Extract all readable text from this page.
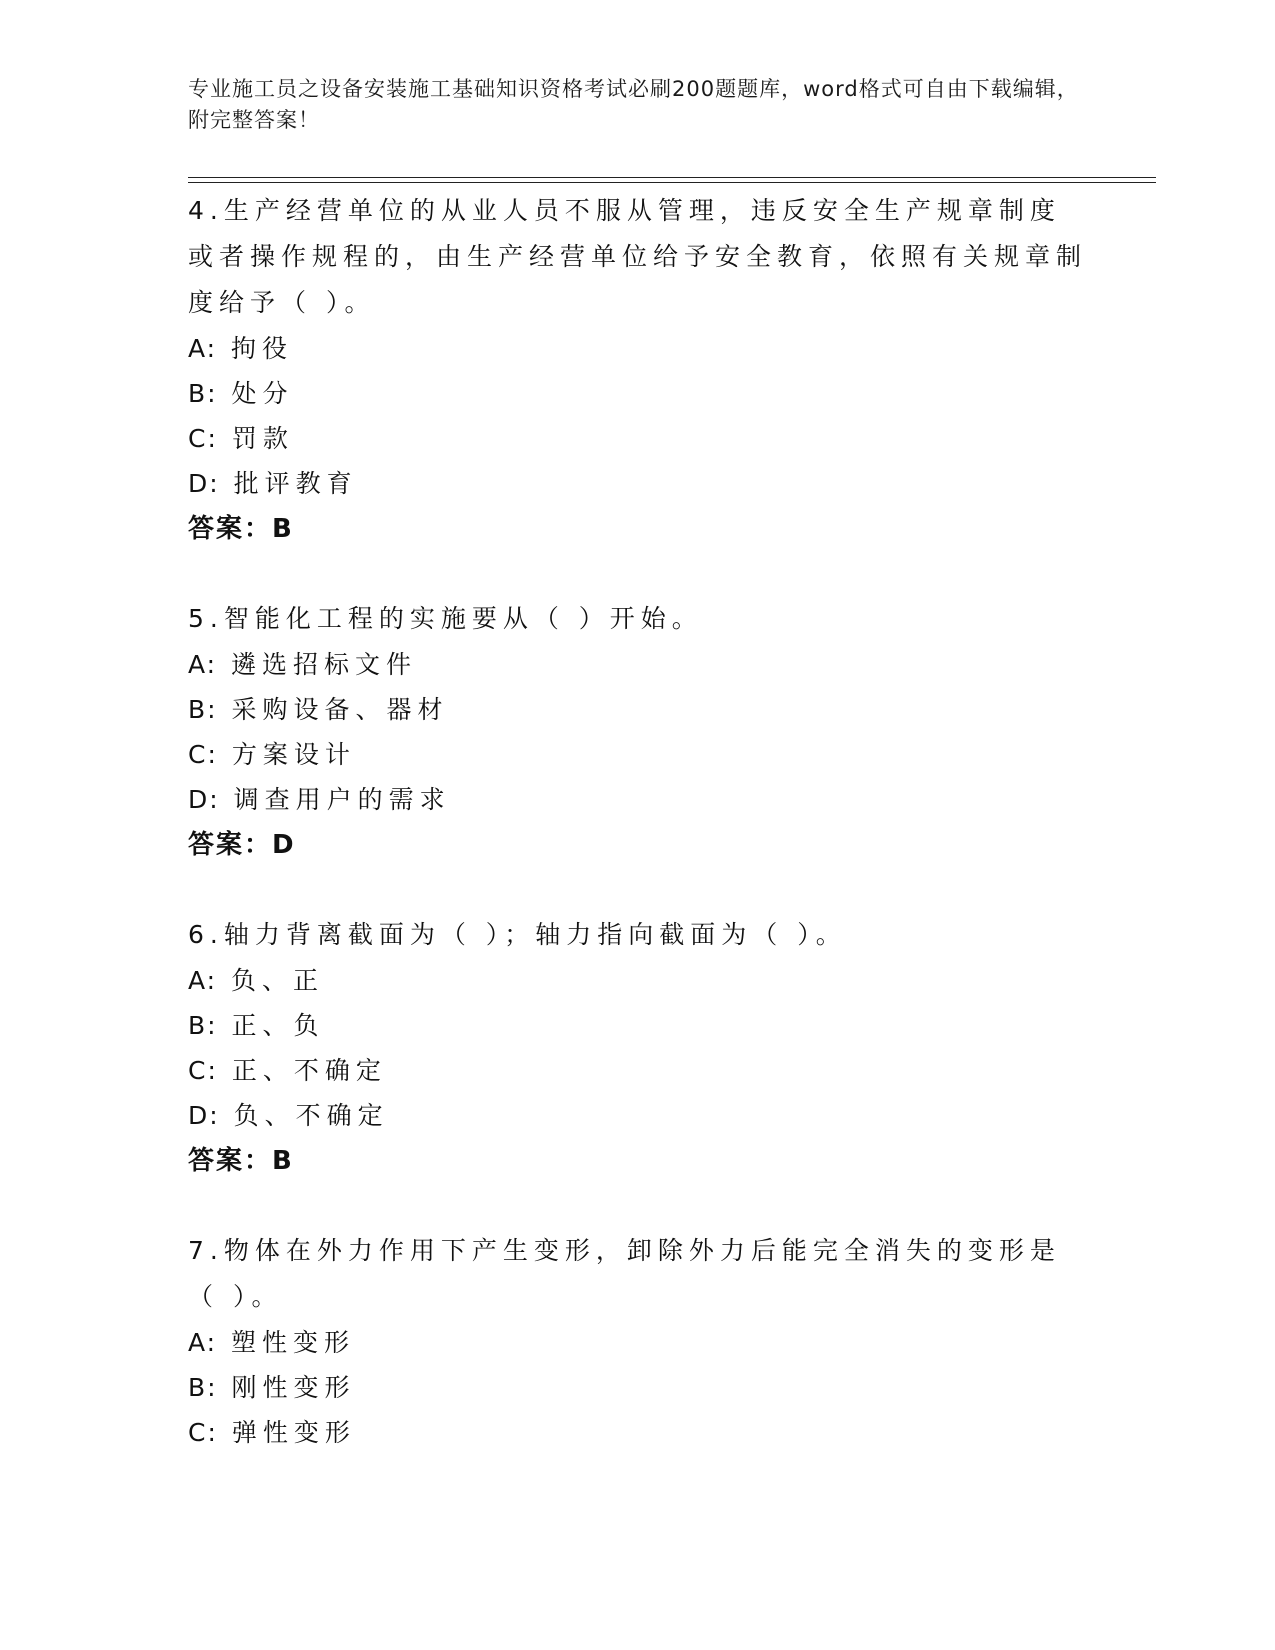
专业施工员之设备安装施工基础知识资格考试必刷200题题库，word格式可自由下载编辑，附完整答案！

4.生产经营单位的从业人员不服从管理，违反安全生产规章制度或者操作规程的，由生产经营单位给予安全教育，依照有关规章制度给予（ ）。

A: 拘役

B: 处分

C: 罚款

D: 批评教育

答案：B

5.智能化工程的实施要从（ ）开始。

A: 遴选招标文件

B: 采购设备、器材

C: 方案设计

D: 调查用户的需求

答案：D

6.轴力背离截面为（ ）；轴力指向截面为（ ）。

A: 负、正

B: 正、负

C: 正、不确定

D: 负、不确定

答案：B

7.物体在外力作用下产生变形，卸除外力后能完全消失的变形是（ ）。

A: 塑性变形

B: 刚性变形

C: 弹性变形
